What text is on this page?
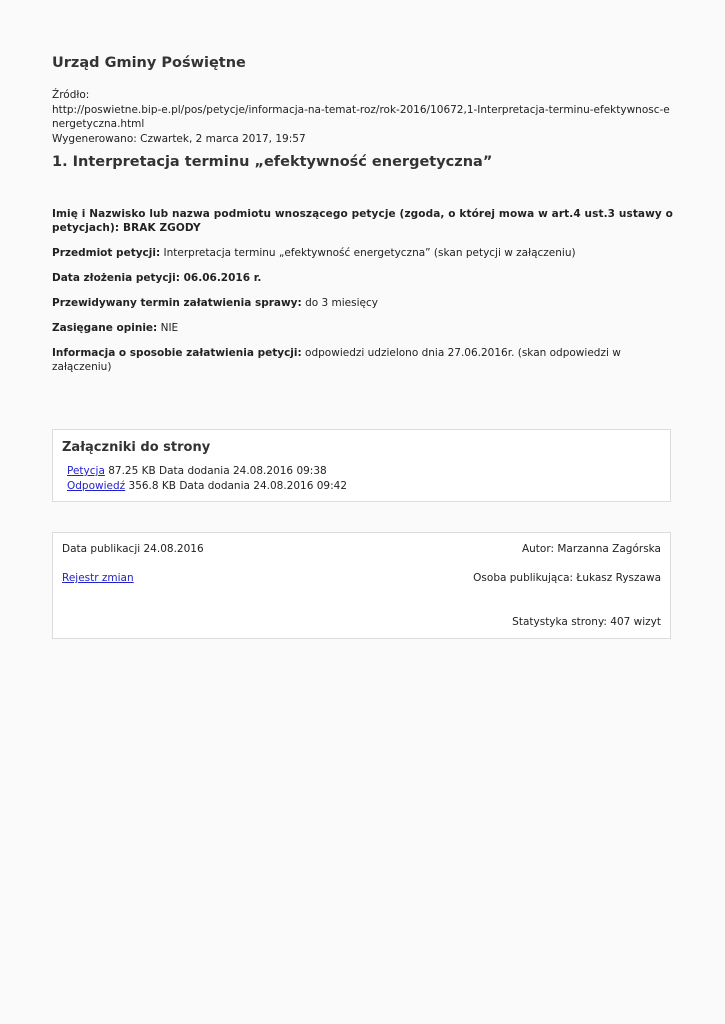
Urząd Gminy Poświętne
Źródło:
http://poswietne.bip-e.pl/pos/petycje/informacja-na-temat-roz/rok-2016/10672,1-Interpretacja-terminu-efektywnosc-energetyczna.html
Wygenerowano: Czwartek, 2 marca 2017, 19:57
1. Interpretacja terminu „efektywność energetyczna”

Imię i Nazwisko lub nazwa podmiotu wnoszącego petycje (zgoda, o której mowa w art.4 ust.3 ustawy o petycjach): BRAK ZGODY

Przedmiot petycji: Interpretacja terminu „efektywność energetyczna” (skan petycji w załączeniu)

Data złożenia petycji: 06.06.2016 r.

Przewidywany termin załatwienia sprawy: do 3 miesięcy

Zasięgane opinie: NIE

Informacja o sposobie załatwienia petycji: odpowiedzi udzielono dnia 27.06.2016r. (skan odpowiedzi w załączeniu)

Załączniki do strony
Petycja 87.25 KB Data dodania 24.08.2016 09:38
Odpowiedź 356.8 KB Data dodania 24.08.2016 09:42
Data publikacji 24.08.2016	Autor: Marzanna Zagórska
Rejestr zmian	Osoba publikująca: Łukasz Ryszawa
Statystyka strony: 407 wizyt
